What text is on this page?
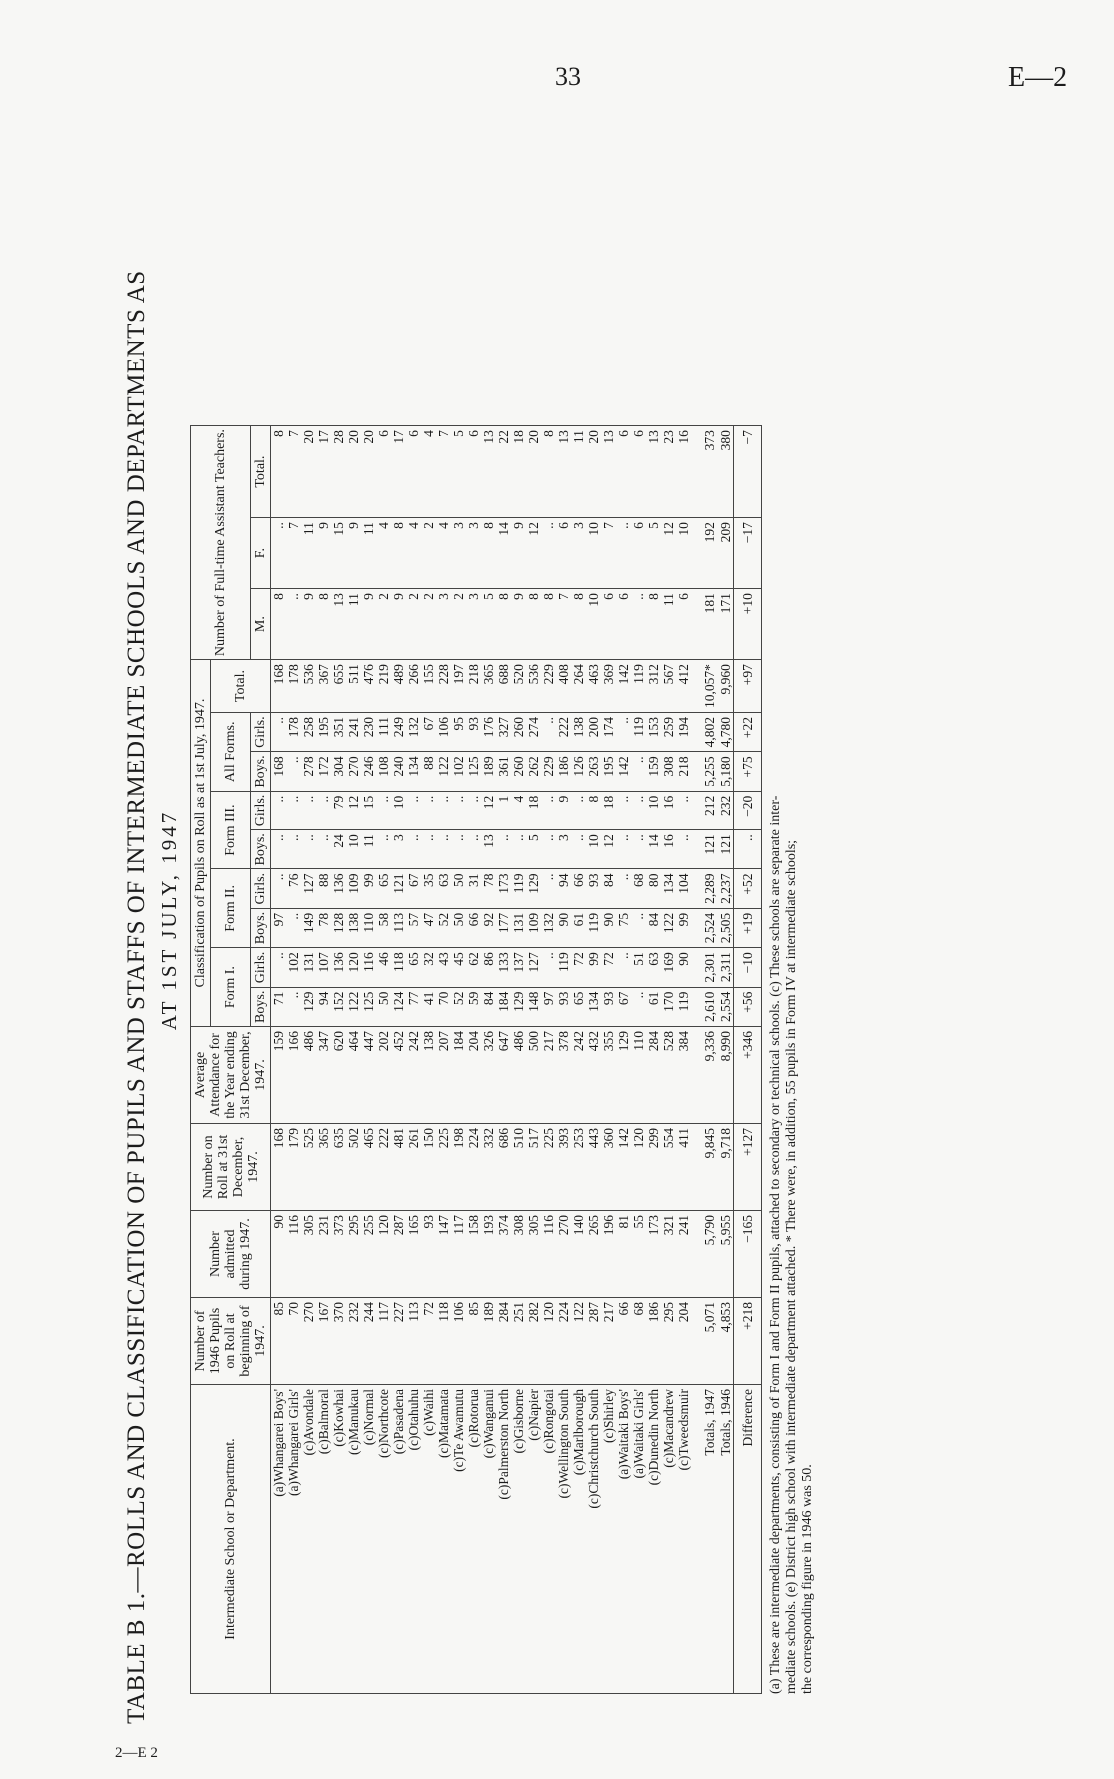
33	E—2
2—E 2
TABLE B 1.—ROLLS AND CLASSIFICATION OF PUPILS AND STAFFS OF INTERMEDIATE SCHOOLS AND DEPARTMENTS AS AT 1ST JULY, 1947
Intermediate School or Department.	Number of 1946 Pupils on Roll at beginning of 1947.	Number admitted during 1947.	Number on Roll at 31st December, 1947.	Average Attendance for the Year ending 31st December, 1947.	Classification of Pupils on Roll as at 1st July, 1947.									Number of Full-time Assistant Teachers.		
					Form I.		Form II.		Form III.		All Forms.		Total.			
					Boys.	Girls.	Boys.	Girls.	Boys.	Girls.	Boys.	Girls.		M.	F.	Total.
(a)Whangarei Boys'	85	90	168	159	71	..	97	..	..	..	168	..	168	8	..	8
(a)Whangarei Girls'	70	116	179	166	..	102	..	76	..	..	..	178	178	..	7	7
(c)Avondale	270	305	525	486	129	131	149	127	..	..	278	258	536	9	11	20
(c)Balmoral	167	231	365	347	94	107	78	88	..	..	172	195	367	8	9	17
(c)Kowhai	370	373	635	620	152	136	128	136	24	79	304	351	655	13	15	28
(c)Manukau	232	295	502	464	122	120	138	109	10	12	270	241	511	11	9	20
(c)Normal	244	255	465	447	125	116	110	99	11	15	246	230	476	9	11	20
(c)Northcote	117	120	222	202	50	46	58	65	..	..	108	111	219	2	4	6
(c)Pasadena	227	287	481	452	124	118	113	121	3	10	240	249	489	9	8	17
(c)Otahuhu	113	165	261	242	77	65	57	67	..	..	134	132	266	2	4	6
(c)Waihi	72	93	150	138	41	32	47	35	..	..	88	67	155	2	2	4
(c)Matamata	118	147	225	207	70	43	52	63	..	..	122	106	228	3	4	7
(c)Te Awamutu	106	117	198	184	52	45	50	50	..	..	102	95	197	2	3	5
(c)Rotorua	85	158	224	204	59	62	66	31	..	..	125	93	218	3	3	6
(c)Wanganui	189	193	332	326	84	86	92	78	13	12	189	176	365	5	8	13
(c)Palmerston North	284	374	686	647	184	133	177	173	..	1	361	327	688	8	14	22
(c)Gisborne	251	308	510	486	129	137	131	119	..	4	260	260	520	9	9	18
(c)Napier	282	305	517	500	148	127	109	129	5	18	262	274	536	8	12	20
(c)Rongotai	120	116	225	217	97	..	132	..	..	..	229	..	229	8	..	8
(c)Wellington South	224	270	393	378	93	119	90	94	3	9	186	222	408	7	6	13
(c)Marlborough	122	140	253	242	65	72	61	66	..	..	126	138	264	8	3	11
(c)Christchurch South	287	265	443	432	134	99	119	93	10	8	263	200	463	10	10	20
(c)Shirley	217	196	360	355	93	72	90	84	12	18	195	174	369	6	7	13
(a)Waitaki Boys'	66	81	142	129	67	..	75	..	..	..	142	..	142	6	..	6
(a)Waitaki Girls'	68	55	120	110	..	51	..	68	..	..	..	119	119	..	6	6
(c)Dunedin North	186	173	299	284	61	63	84	80	14	10	159	153	312	8	5	13
(c)Macandrew	295	321	554	528	170	169	122	134	16	16	308	259	567	11	12	23
(c)Tweedsmuir	204	241	411	384	119	90	99	104	..	..	218	194	412	6	10	16

Totals, 1947	5,071	5,790	9,845	9,336	2,610	2,301	2,524	2,289	121	212	5,255	4,802	10,057*	181	192	373
Totals, 1946	4,853	5,955	9,718	8,990	2,554	2,311	2,505	2,237	121	232	5,180	4,780	9,960	171	209	380
Difference	+218	−165	+127	+346	+56	−10	+19	+52	..	−20	+75	+22	+97	+10	−17	−7

(a) These are intermediate departments, consisting of Form I and Form II pupils, attached to secondary or technical schools. (c) These schools are separate inter- mediate schools. (e) District high school with intermediate department attached. * There were, in addition, 55 pupils in Form IV at intermediate schools; the corresponding figure in 1946 was 50.
